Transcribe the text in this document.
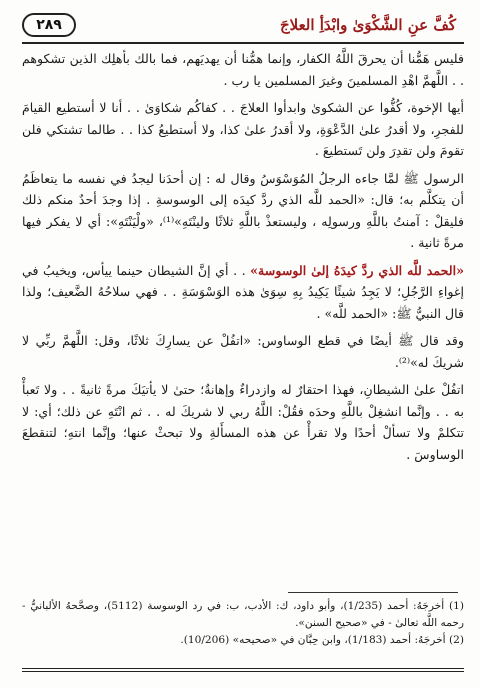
كُفَّ عنِ الشَّكْوَىٰ وابْدَأِ العلاجَ
٢٨٩

فليس هَمُّنا أن يحرقَ اللَّهُ الكفار، وإنما همُّنا أن يهديَهم، فما بالك بأهلِك الذين تشكوهم . . اللَّهمَّ اهْدِ المسلمينَ وغيرَ المسلمين يا رب .

أيها الإخوة، كُفُّوا عن الشكوىٰ وابدأوا العلاجَ . . كفاكُم شكاوَىٰ . . أنا لا أستطيع القيامَ للفجرِ، ولا أقدرُ علىٰ الدَّعْوَةِ، ولا أقدرُ علىٰ كذا، ولا أستطيعُ كذا . . طالما تشتكي فلن تقومَ ولن تقدِرَ ولن تَستطيعَ .

الرسول ﷺ لمَّا جاءه الرجلُ المُوَسْوَسُ وقال له : إن أحدَنا ليجدُ في نفسه ما يتعاظَمُ أن يتكلَّم به؛ قال: «الحمد للَّه الذي ردَّ كيدَه إلى الوسوسةِ . إذا وجدَ أحدٌ منكم ذلك فليقلْ : آمنتُ باللَّهِ ورسولِه ، وليستعذْ باللَّهِ ثلاثًا ولينْتَهِ»⁽¹⁾، «ولْيَنْتَهِ»: أي لا يفكر فيها مرةً ثانية .

«الحمد للَّه الذي ردَّ كيدَهُ إلىٰ الوسوسة» . . أي إنَّ الشيطان حينما ييأس، ويخيبُ في إغواءِ الرَّجُلِ؛ لا يَجِدُ شيئًا يَكِيدُ بِهِ سِوَىٰ هذه الوَسْوَسَةِ . . فهي سلاحُهُ الضَّعيف؛ ولذا قال النبيُّ ﷺ: «الحمد للَّه» .

وقد قال ﷺ أيضًا في قطع الوساوس: «اتفُلْ عن يسارِكَ ثلاثًا، وقل: اللَّهمَّ ربِّي لا شريكَ له»⁽²⁾.

اتفُلْ علىٰ الشيطانِ، فهذا احتقارٌ له وازدراءٌ وإهانةٌ؛ حتىٰ لا يأتيَكَ مرةً ثانيةً . . ولا تَعبأْ به . . وإنَّما انشغِلْ باللَّهِ وحدَه فقُلْ: اللَّهُ ربي لا شريكَ له . . ثم انْتَهِ عن ذلك؛ أي: لا تتكلمْ ولا تسألْ أحدًا ولا تقرأْ عن هذه المسأَلةِ ولا تبحثْ عنها؛ وإنَّما انتهِ؛ لتنقطعَ الوساوسَ .

(1) أخرجَهُ: أحمد (1/235)، وأبو داود، ك: الأدب، ب: في رد الوسوسة (5112)، وصحَّحهُ الألبانيُّ - رحمه اللَّه تعالىٰ - في «صحيح السنن».

(2) أخرجَهُ: أحمد (1/183)، وابن حِبَّان في «صحيحه» (10/206).
